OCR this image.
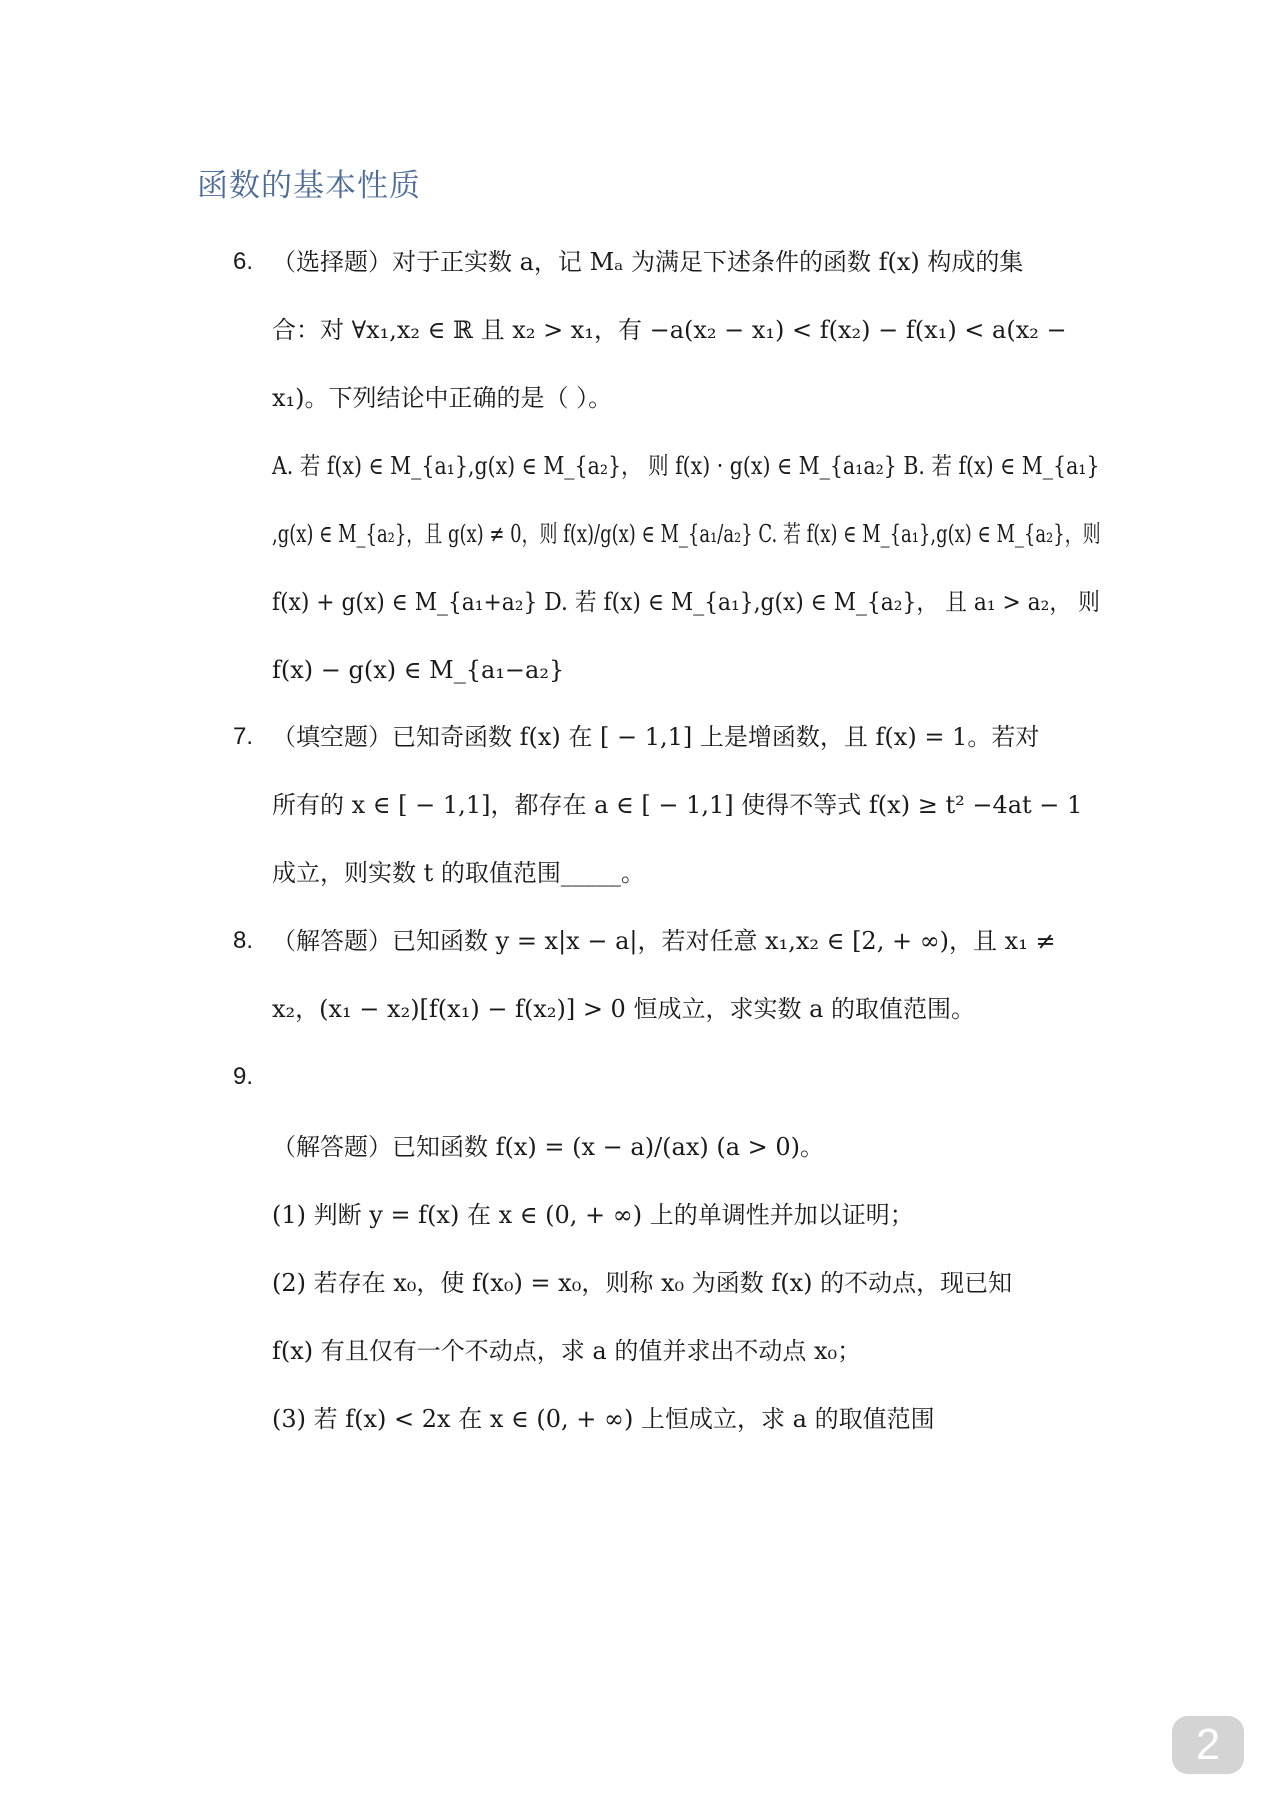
函数的基本性质
6. （选择题）对于正实数 a，记 Mₐ 为满足下述条件的函数 f(x) 构成的集
合：对 ∀x₁,x₂ ∈ ℝ 且 x₂ > x₁，有 −a(x₂ − x₁) < f(x₂) − f(x₁) < a(x₂ −
x₁)。下列结论中正确的是（ ）。
A. 若 f(x) ∈ M_{a₁},g(x) ∈ M_{a₂}， 则 f(x) · g(x) ∈ M_{a₁a₂} B. 若 f(x) ∈ M_{a₁}
,g(x) ∈ M_{a₂}，且 g(x) ≠ 0，则 f(x)/g(x) ∈ M_{a₁/a₂} C. 若 f(x) ∈ M_{a₁},g(x) ∈ M_{a₂}，则
f(x) + g(x) ∈ M_{a₁+a₂} D. 若 f(x) ∈ M_{a₁},g(x) ∈ M_{a₂}， 且 a₁ > a₂， 则
f(x) − g(x) ∈ M_{a₁−a₂}
7. （填空题）已知奇函数 f(x) 在 [ − 1,1] 上是增函数，且 f(x) = 1。若对
所有的 x ∈ [ − 1,1]，都存在 a ∈ [ − 1,1] 使得不等式 f(x) ≥ t² −4at − 1
成立，则实数 t 的取值范围_____。
8. （解答题）已知函数 y = x|x − a|，若对任意 x₁,x₂ ∈ [2, + ∞)，且 x₁ ≠
x₂，(x₁ − x₂)[f(x₁) − f(x₂)] > 0 恒成立，求实数 a 的取值范围。
9.
（解答题）已知函数 f(x) = (x − a)/(ax) (a > 0)。
(1) 判断 y = f(x) 在 x ∈ (0, + ∞) 上的单调性并加以证明；
(2) 若存在 x₀，使 f(x₀) = x₀，则称 x₀ 为函数 f(x) 的不动点，现已知
f(x) 有且仅有一个不动点，求 a 的值并求出不动点 x₀；
(3) 若 f(x) < 2x 在 x ∈ (0, + ∞) 上恒成立，求 a 的取值范围
2
